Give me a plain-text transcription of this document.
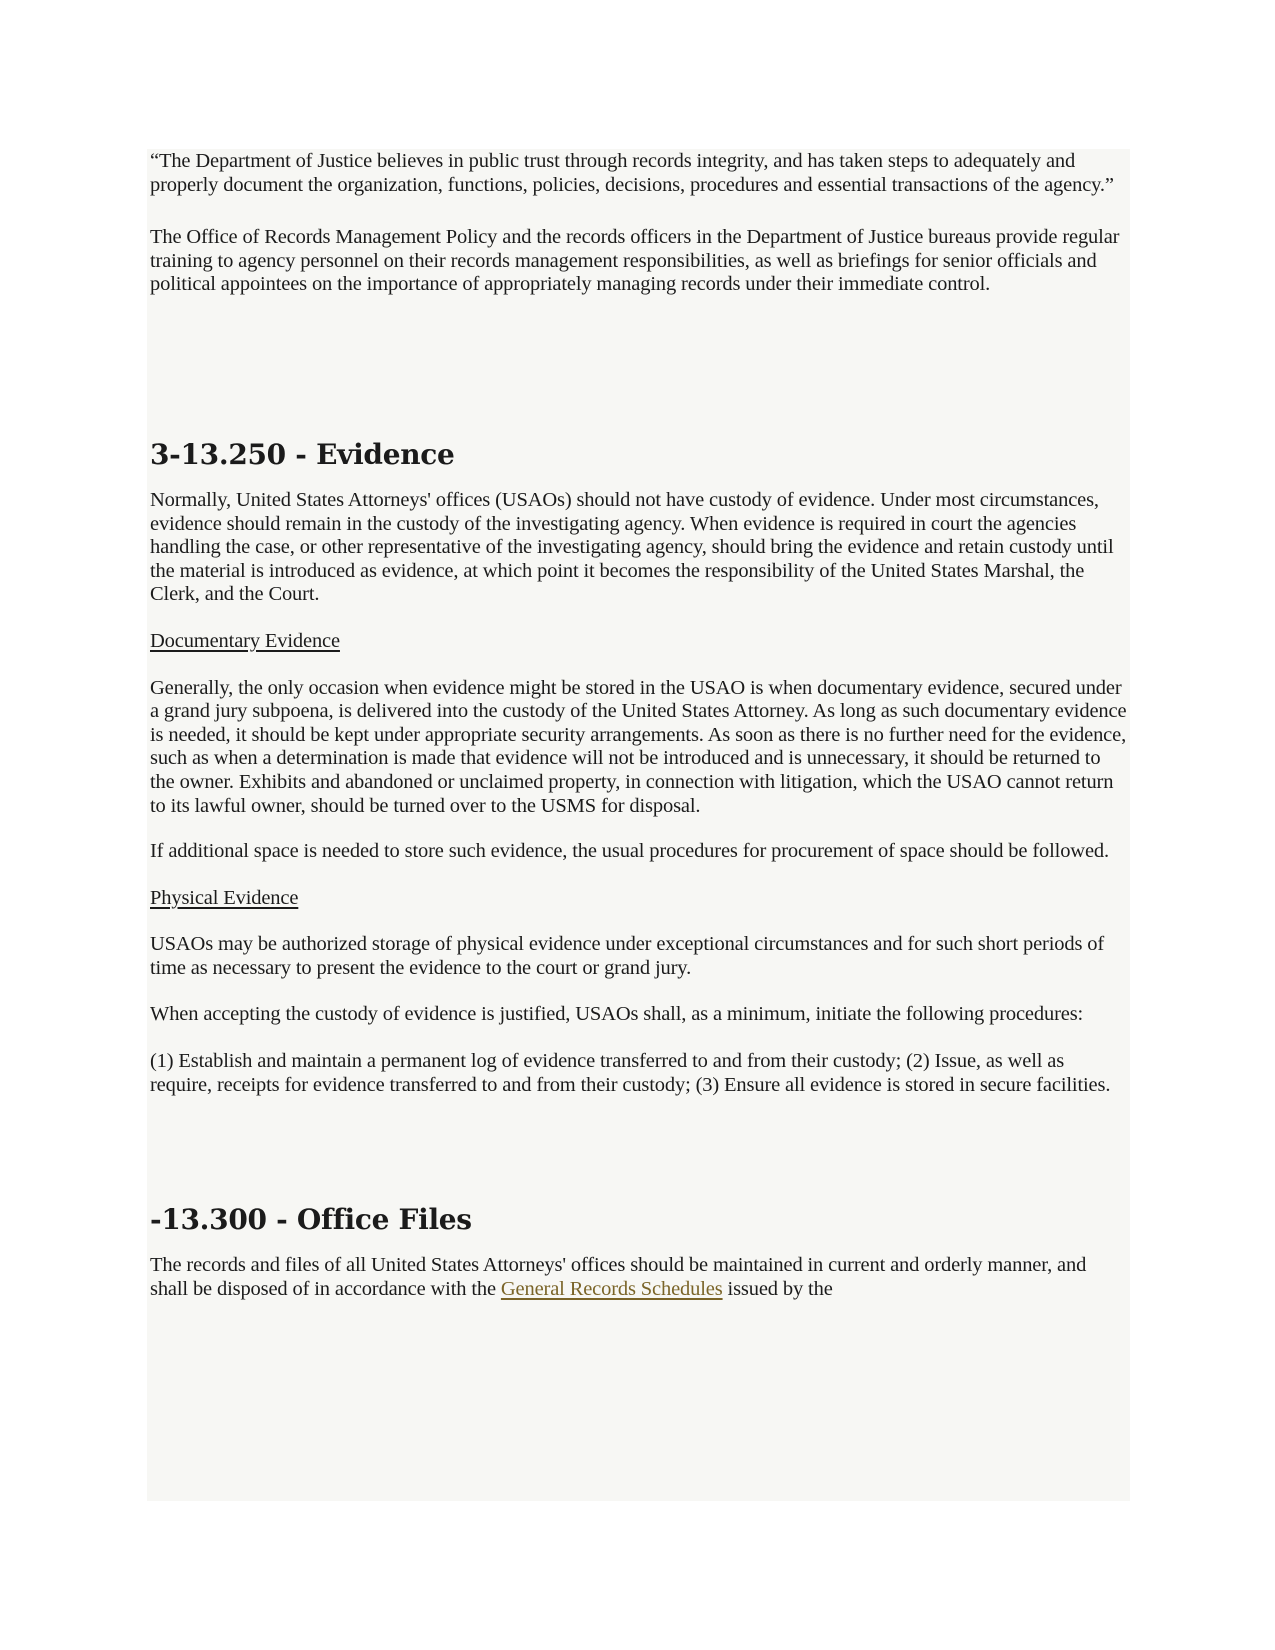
“The Department of Justice believes in public trust through records integrity, and has taken steps to adequately and properly document the organization, functions, policies, decisions, procedures and essential transactions of the agency.”

The Office of Records Management Policy and the records officers in the Department of Justice bureaus provide regular training to agency personnel on their records management responsibilities, as well as briefings for senior officials and political appointees on the importance of appropriately managing records under their immediate control.

3-13.250 - Evidence

Normally, United States Attorneys' offices (USAOs) should not have custody of evidence. Under most circumstances, evidence should remain in the custody of the investigating agency. When evidence is required in court the agencies handling the case, or other representative of the investigating agency, should bring the evidence and retain custody until the material is introduced as evidence, at which point it becomes the responsibility of the United States Marshal, the Clerk, and the Court.

Documentary Evidence

Generally, the only occasion when evidence might be stored in the USAO is when documentary evidence, secured under a grand jury subpoena, is delivered into the custody of the United States Attorney. As long as such documentary evidence is needed, it should be kept under appropriate security arrangements. As soon as there is no further need for the evidence, such as when a determination is made that evidence will not be introduced and is unnecessary, it should be returned to the owner. Exhibits and abandoned or unclaimed property, in connection with litigation, which the USAO cannot return to its lawful owner, should be turned over to the USMS for disposal.

If additional space is needed to store such evidence, the usual procedures for procurement of space should be followed.

Physical Evidence

USAOs may be authorized storage of physical evidence under exceptional circumstances and for such short periods of time as necessary to present the evidence to the court or grand jury.

When accepting the custody of evidence is justified, USAOs shall, as a minimum, initiate the following procedures:

(1) Establish and maintain a permanent log of evidence transferred to and from their custody; (2) Issue, as well as require, receipts for evidence transferred to and from their custody; (3) Ensure all evidence is stored in secure facilities.

-13.300 - Office Files

The records and files of all United States Attorneys' offices should be maintained in current and orderly manner, and shall be disposed of in accordance with the General Records Schedules issued by the
